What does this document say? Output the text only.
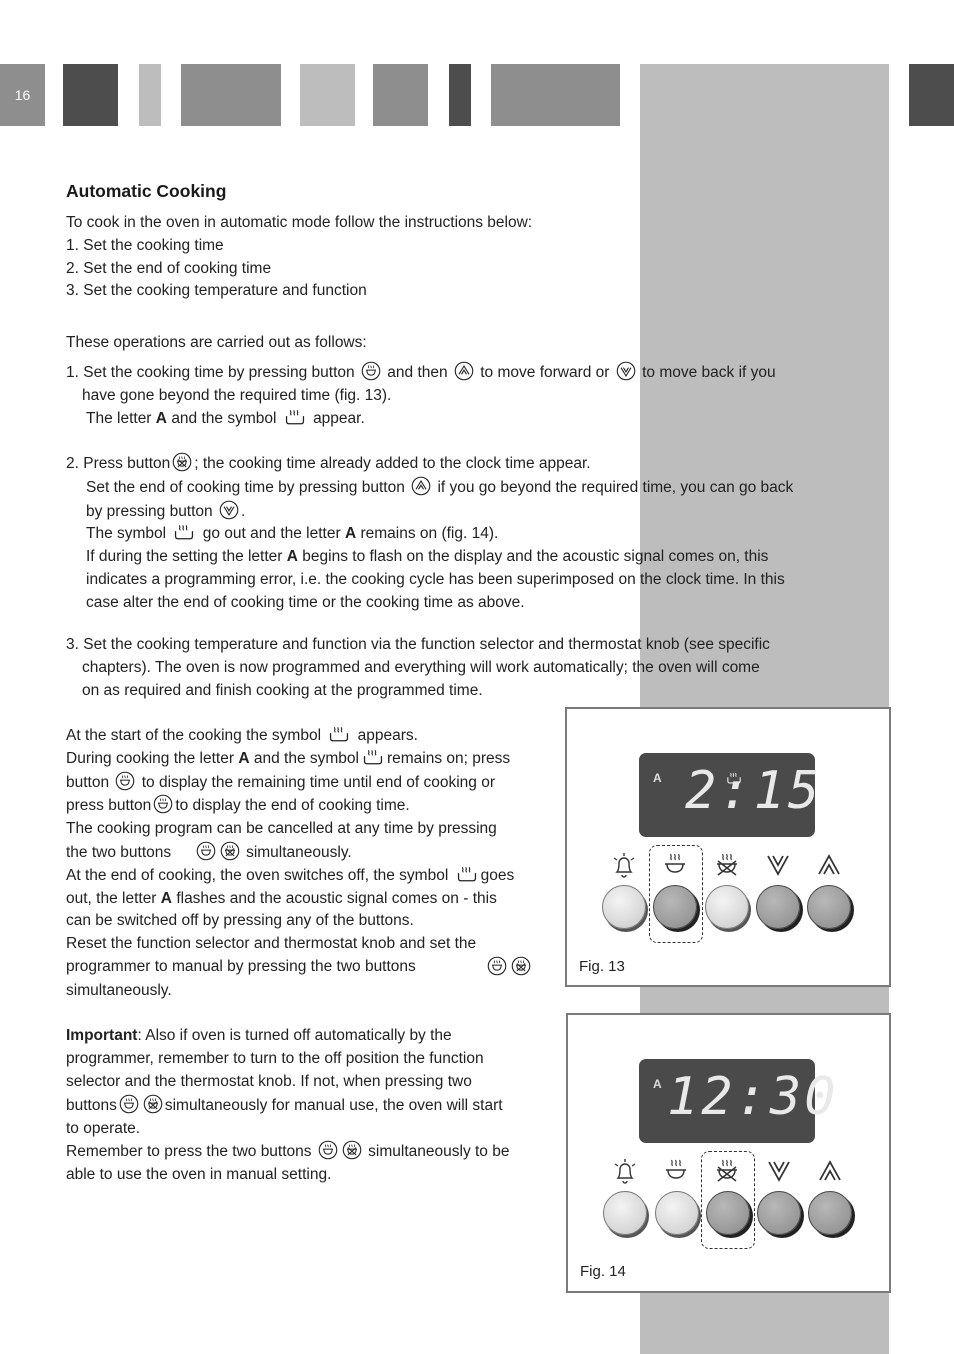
16
Automatic Cooking
To cook in the oven in automatic mode follow the instructions below:
1. Set the cooking time
2. Set the end of cooking time
3. Set the cooking temperature and function
These operations are carried out as follows:
1. Set the cooking time by pressing button and then to move forward or to move back if you
have gone beyond the required time (fig. 13).
The letter A and the symbol appear.
2. Press button ; the cooking time already added to the clock time appear.
Set the end of cooking time by pressing button if you go beyond the required time, you can go back
by pressing button .
The symbol go out and the letter A remains on (fig. 14).
If during the setting the letter A begins to flash on the display and the acoustic signal comes on, this
indicates a programming error, i.e. the cooking cycle has been superimposed on the clock time. In this
case alter the end of cooking time or the cooking time as above.
3. Set the cooking temperature and function via the function selector and thermostat knob (see specific
chapters). The oven is now programmed and everything will work automatically; the oven will come
on as required and finish cooking at the programmed time.
At the start of the cooking the symbol appears.
During cooking the letter A and the symbol remains on; press
button to display the remaining time until end of cooking or
press button to display the end of cooking time.
The cooking program can be cancelled at any time by pressing
the two buttons	simultaneously.
At the end of cooking, the oven switches off, the symbol goes
out, the letter A flashes and the acoustic signal comes on - this
can be switched off by pressing any of the buttons.
Reset the function selector and thermostat knob and set the
programmer to manual by pressing the two buttons
simultaneously.
Important: Also if oven is turned off automatically by the
programmer, remember to turn to the off position the function
selector and the thermostat knob. If not, when pressing two
buttons	simultaneously for manual use, the oven will start
to operate.
Remember to press the two buttons	simultaneously to be
able to use the oven in manual setting.
A 2:15
Fig. 13
A 12:30
Fig. 14
